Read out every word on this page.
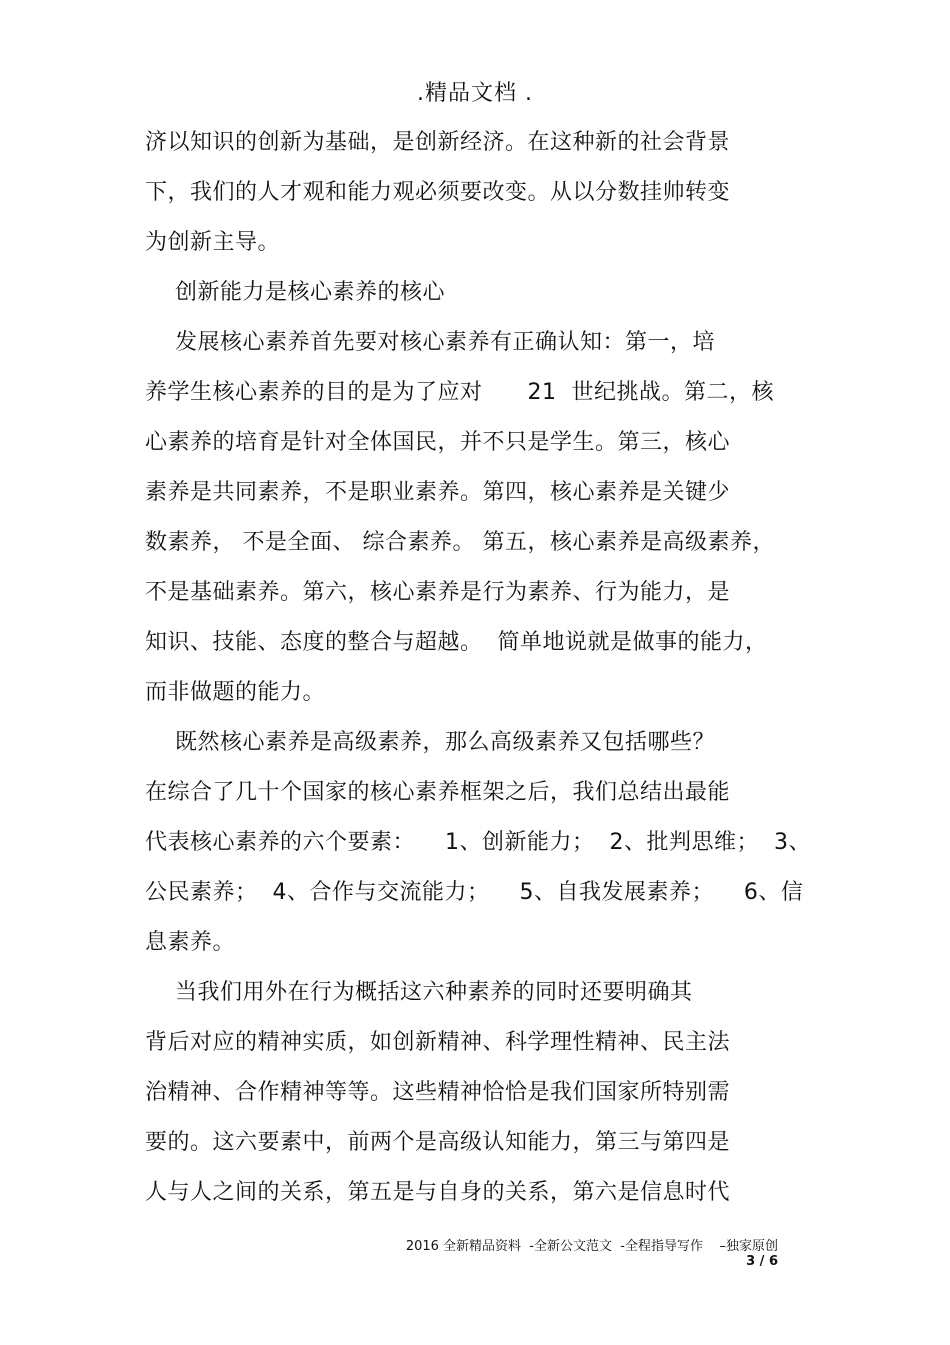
.精品文档 .
济以知识的创新为基础，是创新经济。在这种新的社会背景
下，我们的人才观和能力观必须要改变。从以分数挂帅转变
为创新主导。
创新能力是核心素养的核心
发展核心素养首先要对核心素养有正确认知：第一，培
养学生核心素养的目的是为了应对      21  世纪挑战。第二，核
心素养的培育是针对全体国民，并不只是学生。第三，核心
素养是共同素养，不是职业素养。第四，核心素养是关键少
数素养， 不是全面、 综合素养。 第五，核心素养是高级素养，
不是基础素养。第六，核心素养是行为素养、行为能力，是
知识、技能、态度的整合与超越。  简单地说就是做事的能力，
而非做题的能力。
既然核心素养是高级素养，那么高级素养又包括哪些？
在综合了几十个国家的核心素养框架之后，我们总结出最能
代表核心素养的六个要素：    1、创新能力；  2、批判思维；  3、
公民素养；  4、合作与交流能力；    5、自我发展素养；    6、信
息素养。
当我们用外在行为概括这六种素养的同时还要明确其
背后对应的精神实质，如创新精神、科学理性精神、民主法
治精神、合作精神等等。这些精神恰恰是我们国家所特别需
要的。这六要素中，前两个是高级认知能力，第三与第四是
人与人之间的关系，第五是与自身的关系，第六是信息时代
2016 全新精品资料  -全新公文范文  -全程指导写作    –独家原创
3 / 6
